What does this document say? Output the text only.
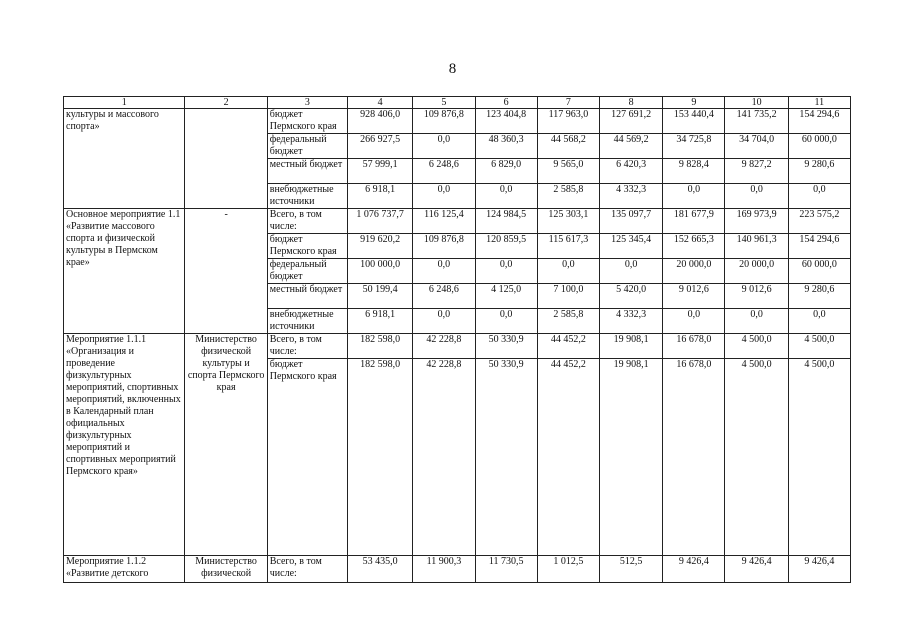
8
1	2	3	4	5	6	7	8	9	10	11
культуры и массового спорта»		бюджет Пермского края	928 406,0	109 876,8	123 404,8	117 963,0	127 691,2	153 440,4	141 735,2	154 294,6
		федеральный бюджет	266 927,5	0,0	48 360,3	44 568,2	44 569,2	34 725,8	34 704,0	60 000,0
		местный бюджет	57 999,1	6 248,6	6 829,0	9 565,0	6 420,3	9 828,4	9 827,2	9 280,6
		внебюджетные источники	6 918,1	0,0	0,0	2 585,8	4 332,3	0,0	0,0	0,0
Основное мероприятие 1.1 «Развитие массового спорта и физической культуры в Пермском крае»	-	Всего, в том числе:	1 076 737,7	116 125,4	124 984,5	125 303,1	135 097,7	181 677,9	169 973,9	223 575,2
		бюджет Пермского края	919 620,2	109 876,8	120 859,5	115 617,3	125 345,4	152 665,3	140 961,3	154 294,6
		федеральный бюджет	100 000,0	0,0	0,0	0,0	0,0	20 000,0	20 000,0	60 000,0
		местный бюджет	50 199,4	6 248,6	4 125,0	7 100,0	5 420,0	9 012,6	9 012,6	9 280,6
		внебюджетные источники	6 918,1	0,0	0,0	2 585,8	4 332,3	0,0	0,0	0,0
Мероприятие 1.1.1 «Организация и проведение физкультурных мероприятий, спортивных мероприятий, включенных в Календарный план официальных физкультурных мероприятий и спортивных мероприятий Пермского края»	Министерство физической культуры и спорта Пермского края	Всего, в том числе:	182 598,0	42 228,8	50 330,9	44 452,2	19 908,1	16 678,0	4 500,0	4 500,0
		бюджет Пермского края	182 598,0	42 228,8	50 330,9	44 452,2	19 908,1	16 678,0	4 500,0	4 500,0
Мероприятие 1.1.2 «Развитие детского	Министерство физической	Всего, в том числе:	53 435,0	11 900,3	11 730,5	1 012,5	512,5	9 426,4	9 426,4	9 426,4
